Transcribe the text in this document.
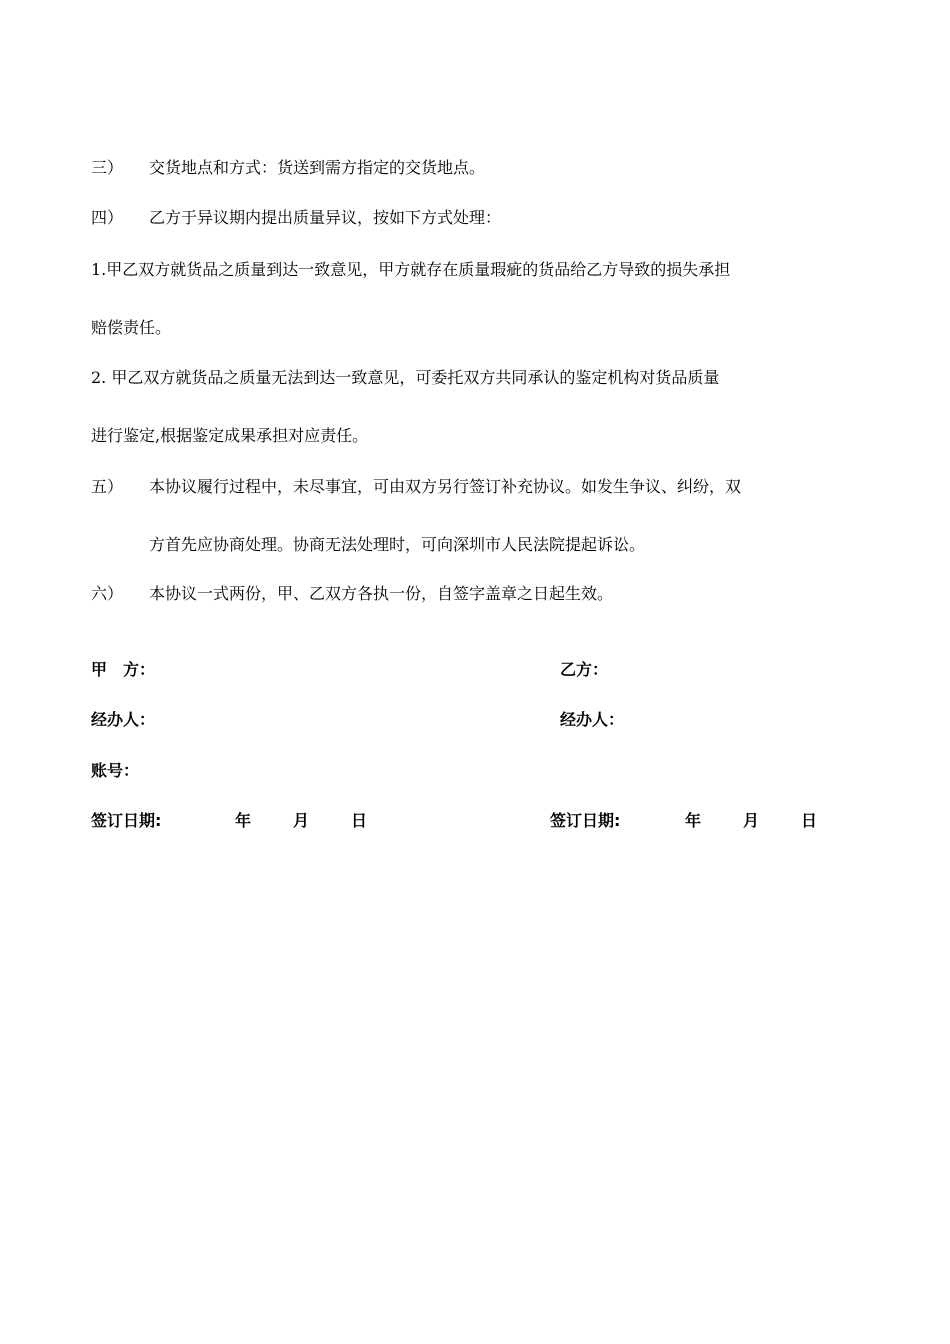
三） 交货地点和方式：货送到需方指定的交货地点。
四） 乙方于异议期内提出质量异议，按如下方式处理：
1.甲乙双方就货品之质量到达一致意见，甲方就存在质量瑕疵的货品给乙方导致的损失承担
赔偿责任。
2. 甲乙双方就货品之质量无法到达一致意见，可委托双方共同承认的鉴定机构对货品质量
进行鉴定,根据鉴定成果承担对应责任。
五） 本协议履行过程中，未尽事宜，可由双方另行签订补充协议。如发生争议、纠纷，双
方首先应协商处理。协商无法处理时，可向深圳市人民法院提起诉讼。
六） 本协议一式两份，甲、乙双方各执一份，自签字盖章之日起生效。
甲　方：	乙方：
经办人：	经办人：
账号：
签订日期:	年	月	日	签订日期:	年	月	日
